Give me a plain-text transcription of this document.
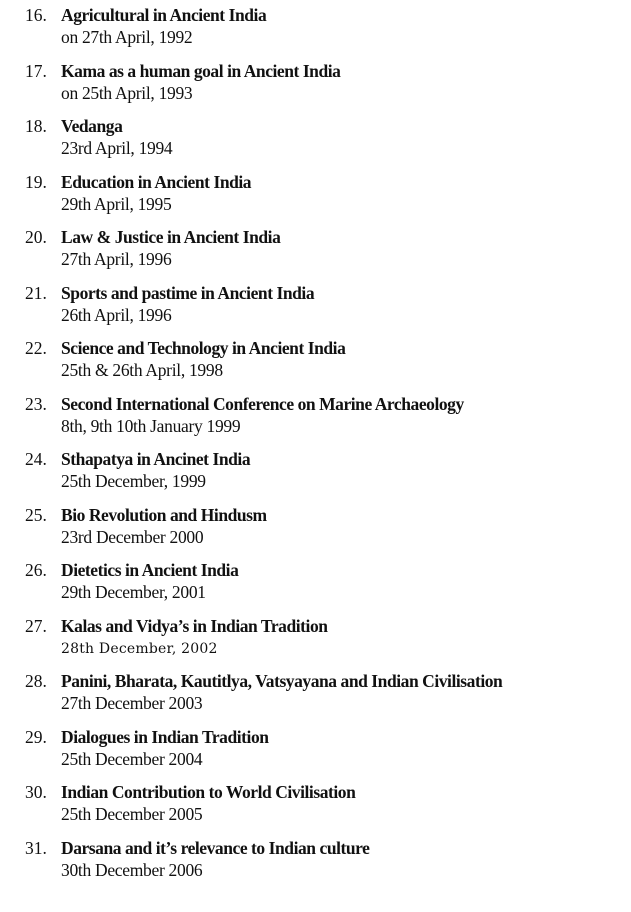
16. Agricultural in Ancient India
on 27th April, 1992
17. Kama as a human goal in Ancient India
on 25th April, 1993
18. Vedanga
23rd April, 1994
19. Education in Ancient India
29th April, 1995
20. Law & Justice in Ancient India
27th April, 1996
21. Sports and pastime in Ancient India
26th April, 1996
22. Science and Technology in Ancient India
25th & 26th April, 1998
23. Second International Conference on Marine Archaeology
8th, 9th 10th January 1999
24. Sthapatya in Ancinet India
25th December, 1999
25. Bio Revolution and Hindusm
23rd December 2000
26. Dietetics in Ancient India
29th December, 2001
27. Kalas and Vidya’s in Indian Tradition
28th December, 2002
28. Panini, Bharata, Kautitlya, Vatsyayana and Indian Civilisation
27th December 2003
29. Dialogues in Indian Tradition
25th December 2004
30. Indian Contribution to World Civilisation
25th December 2005
31. Darsana and it’s relevance to Indian culture
30th December 2006
